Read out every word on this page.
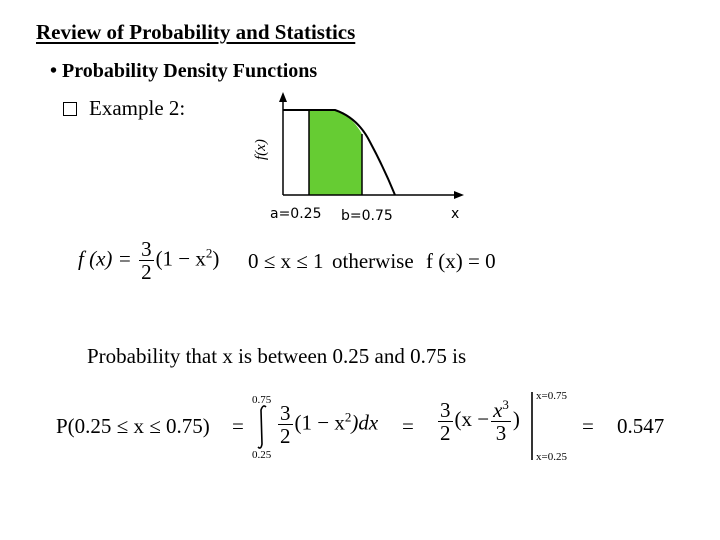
Review of Probability and Statistics
• Probability Density Functions
Example 2:
f(x)
a=0.25 b=0.75	x
f $(x) = \frac{3}{2} (1 - x^2) 0 \le x \le 1$ otherwise f (x) = 0
Probability that x is between 0.25 and 0.75 is
P(0.25 ≤ x ≤ 0.75) =
0.75
0.25
$\frac{3}{2} (1 - x^2)dx = \frac{3}{2} (x - \frac{x^3}{3}$ )
x=0.75
x=0.25
= 0.547
